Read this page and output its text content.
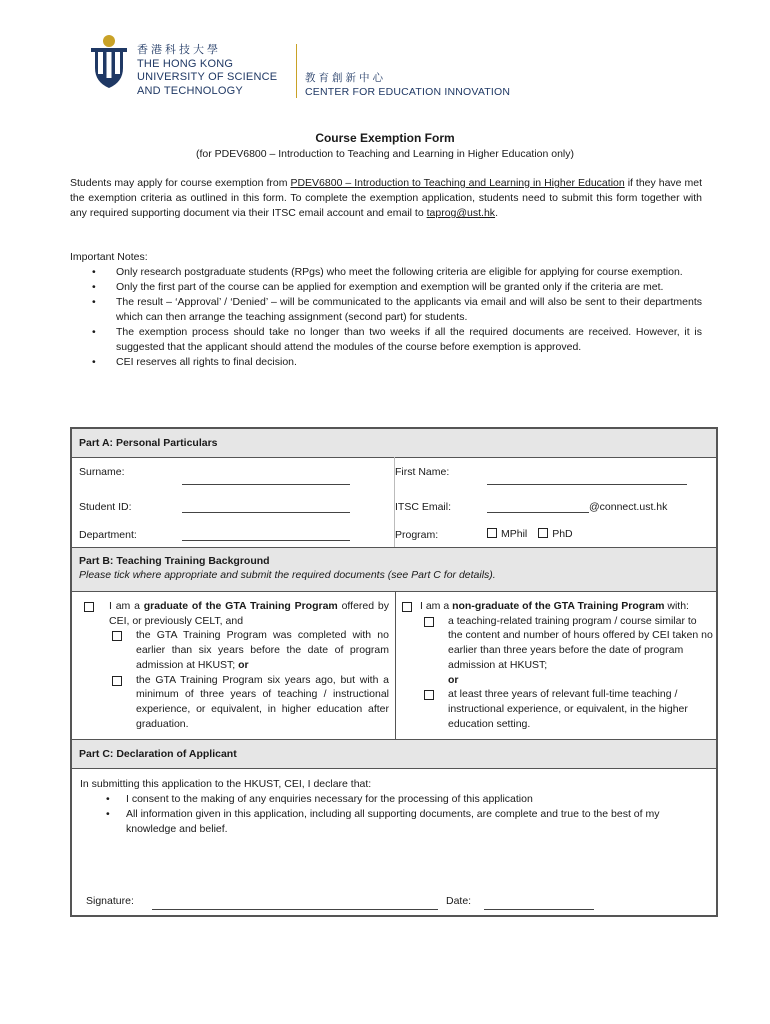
香港科技大學
THE HONG KONG
UNIVERSITY OF SCIENCE
AND TECHNOLOGY
教育創新中心
CENTER FOR EDUCATION INNOVATION
Course Exemption Form
(for PDEV6800 – Introduction to Teaching and Learning in Higher Education only)
Students may apply for course exemption from PDEV6800 – Introduction to Teaching and Learning in Higher Education if they have met the exemption criteria as outlined in this form. To complete the exemption application, students need to submit this form together with any required supporting document via their ITSC email account and email to taprog@ust.hk.
Important Notes:
• Only research postgraduate students (RPgs) who meet the following criteria are eligible for applying for course exemption.
• Only the first part of the course can be applied for exemption and exemption will be granted only if the criteria are met.
• The result – ‘Approval’ / ‘Denied’ – will be communicated to the applicants via email and will also be sent to their departments which can then arrange the teaching assignment (second part) for students.
• The exemption process should take no longer than two weeks if all the required documents are received. However, it is suggested that the applicant should attend the modules of the course before exemption is approved.
• CEI reserves all rights to final decision.
Part A: Personal Particulars
Surname:	First Name:
Student ID:	ITSC Email:	@connect.ust.hk
Department:	Program:	MPhil PhD
Part B: Teaching Training Background
Please tick where appropriate and submit the required documents (see Part C for details).
I am a graduate of the GTA Training Program offered by CEI, or previously CELT, and
the GTA Training Program was completed with no earlier than six years before the date of program admission at HKUST; or
the GTA Training Program six years ago, but with a minimum of three years of teaching / instructional experience, or equivalent, in higher education after graduation.
I am a non-graduate of the GTA Training Program with:
a teaching-related training program / course similar to the content and number of hours offered by CEI taken no earlier than three years before the date of program admission at HKUST;
or
at least three years of relevant full-time teaching / instructional experience, or equivalent, in the higher education setting.
Part C: Declaration of Applicant
In submitting this application to the HKUST, CEI, I declare that:
• I consent to the making of any enquiries necessary for the processing of this application
• All information given in this application, including all supporting documents, are complete and true to the best of my knowledge and belief.
Signature:	Date:
